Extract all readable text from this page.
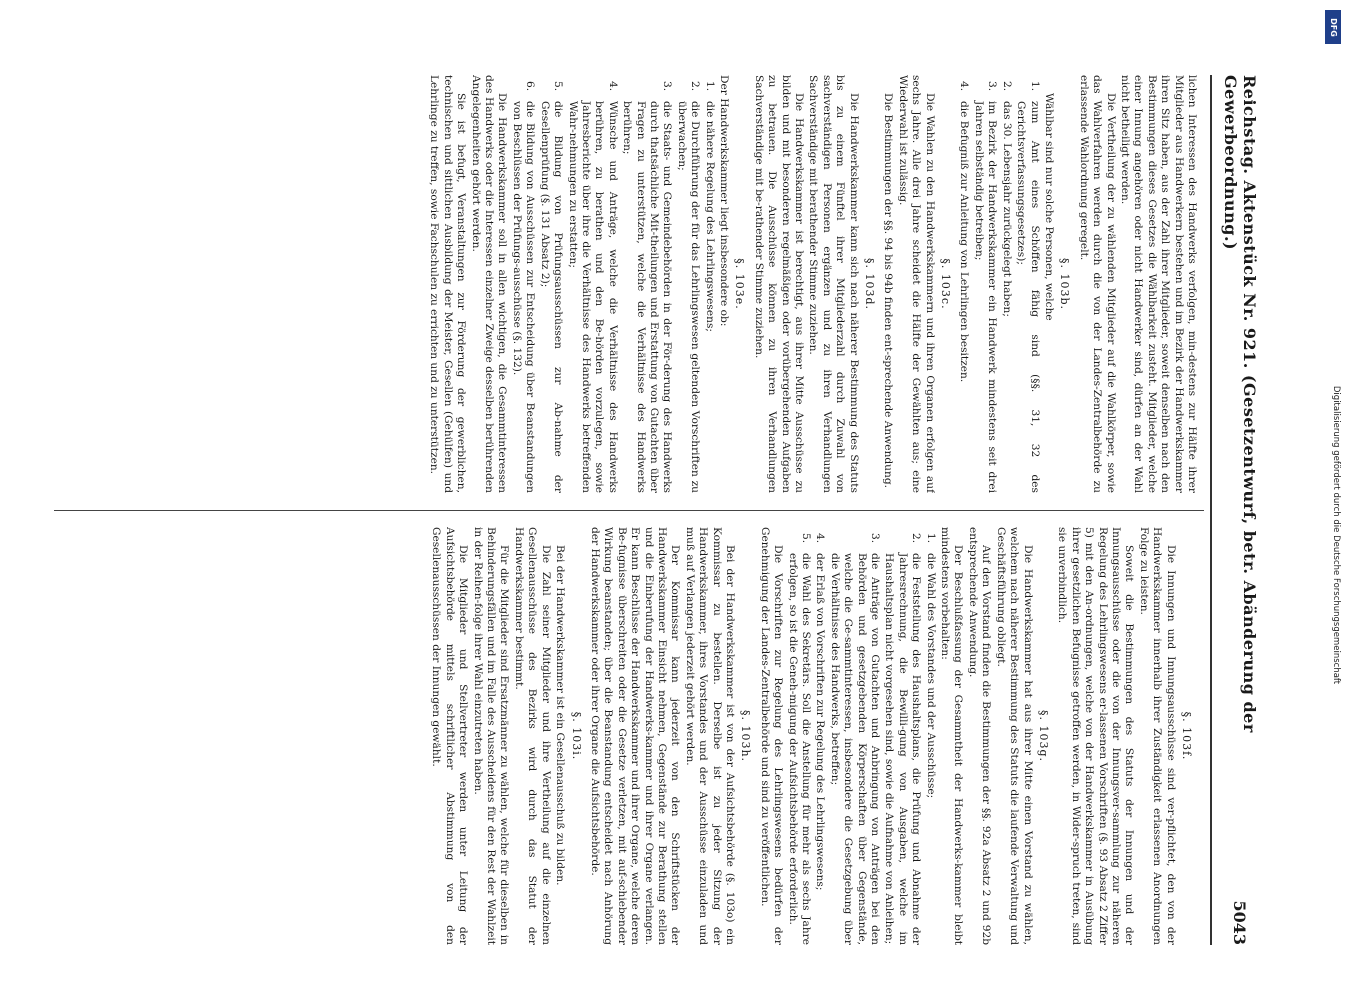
Reichstag. Aktenstück Nr. 921. (Gesetzentwurf, betr. Abänderung der Gewerbeordnung.)
5043

lichen Interessen des Handwerks verfolgen, min-destens zur Hälfte ihrer Mitglieder aus Handwerkern bestehen und im Bezirk der Handwerkskammer ihren Sitz haben, aus der Zahl ihrer Mitglieder, soweit denselben nach den Bestimmungen dieses Gesetzes die Wählbarkeit zusteht. Mitglieder, welche einer Innung angehören oder nicht Handwerker sind, dürfen an der Wahl nicht betheiligt werden.

Die Vertheilung der zu wählenden Mitglieder auf die Wahlkörper, sowie das Wahlverfahren werden durch die von der Landes-Zentralbehörde zu erlassende Wahlordnung geregelt.

§. 103b.

Wählbar sind nur solche Personen, welche

1.
zum Amt eines Schöffen fähig sind (§§. 31, 32 des Gerichtsverfassungsgesetzes);
2.
das 30. Lebensjahr zurückgelegt haben;
3.
im Bezirk der Handwerkskammer ein Handwerk mindestens seit drei Jahren selbständig betreiben;
4.
die Befugniß zur Anleitung von Lehrlingen besitzen.
§. 103c.

Die Wahlen zu den Handwerkskammern und ihren Organen erfolgen auf sechs Jahre. Alle drei Jahre scheidet die Hälfte der Gewählten aus; eine Wiederwahl ist zulässig.

Die Bestimmungen der §§. 94 bis 94b finden ent-sprechende Anwendung.

§. 103d.

Die Handwerkskammer kann sich nach näherer Bestimmung des Statuts bis zu einem Fünftel ihrer Mitgliederzahl durch Zuwahl von sachverständigen Personen ergänzen und zu ihren Verhandlungen Sachverständige mit berathender Stimme zuziehen.

Die Handwerkskammer ist berechtigt, aus ihrer Mitte Ausschüsse zu bilden und mit besonderen regelmäßigen oder vorübergehenden Aufgaben zu betrauen. Die Ausschüsse können zu ihren Verhandlungen Sachverständige mit be-rathender Stimme zuziehen.

§. 103e.

Der Handwerkskammer liegt insbesondere ob:

1.
die nähere Regelung des Lehrlingswesens;
2.
die Durchführung der für das Lehrlingswesen geltenden Vorschriften zu überwachen;
3.
die Staats- und Gemeindebehörden in der För-derung des Handwerks durch thatsächliche Mit-theilungen und Erstattung von Gutachten über Fragen zu unterstützen, welche die Verhältnisse des Handwerks berühren;
4.
Wünsche und Anträge, welche die Verhältnisse des Handwerks berühren, zu berathen und den Be-hörden vorzulegen, sowie Jahresberichte über ihre die Verhältnisse des Handwerks betreffenden Wahr-nehmungen zu erstatten;
5.
die Bildung von Prüfungsausschüssen zur Ab-nahme der Gesellenprüfung (§. 131 Absatz 2);
6.
die Bildung von Ausschüssen zur Entscheidung über Beanstandungen von Beschlüssen der Prüfungs-ausschüsse (§. 132).

Die Handwerkskammer soll in allen wichtigen, die Gesammtinteressen des Handwerks oder die Interessen einzelner Zweige desselben berührenden Angelegenheiten gehört werden.

Sie ist befugt, Veranstaltungen zur Förderung der gewerblichen, technischen und sittlichen Ausbildung der Meister, Gesellen (Gehülfen) und Lehrlinge zu treffen, sowie Fachschulen zu errichten und zu unterstützen.

§. 103f.

Die Innungen und Innungsausschüsse sind ver-pflichtet, den von der Handwerkskammer innerhalb ihrer Zuständigkeit erlassenen Anordnungen Folge zu leisten.

Soweit die Bestimmungen des Statuts der Innungen und der Innungsausschüsse oder die von der Innungsver-sammlung zur näheren Regelung des Lehrlingswesens er-lassenen Vorschriften (§. 93 Absatz 2 Ziffer 5) mit den An-ordnungen, welche von der Handwerkskammer in Ausübung ihrer gesetzlichen Befugnisse getroffen werden, in Wider-spruch treten, sind sie unverbindlich.

§. 103g.

Die Handwerkskammer hat aus ihrer Mitte einen Vorstand zu wählen, welchem nach näherer Bestimmung des Statuts die laufende Verwaltung und Geschäftsführung obliegt.

Auf den Vorstand finden die Bestimmungen der §§. 92a Absatz 2 und 92b entsprechende Anwendung.

Der Beschlußfassung der Gesammtheit der Handwerks-kammer bleibt mindestens vorbehalten:

1.
die Wahl des Vorstandes und der Ausschüsse;
2.
die Feststellung des Haushaltsplans, die Prüfung und Abnahme der Jahresrechnung, die Bewilli-gung von Ausgaben, welche im Haushaltsplan nicht vorgesehen sind, sowie die Aufnahme von Anleihen;
3.
die Anträge von Gutachten und Anbringung von Anträgen bei den Behörden und gesetzgebenden Körperschaften über Gegenstände, welche die Ge-sammtinteressen, insbesondere die Gesetzgebung über die Verhältnisse des Handwerks, betreffen;
4.
der Erlaß von Vorschriften zur Regelung des Lehrlingswesens;
5.
die Wahl des Sekretärs. Soll die Anstellung für mehr als sechs Jahre erfolgen, so ist die Geneh-migung der Aufsichtsbehörde erforderlich.

Die Vorschriften zur Regelung des Lehrlingswesens bedürfen der Genehmigung der Landes-Zentralbehörde und sind zu veröffentlichen.

§. 103h.

Bei der Handwerkskammer ist von der Aufsichtsbehörde (§. 103o) ein Kommissar zu bestellen. Derselbe ist zu jeder Sitzung der Handwerkskammer, ihres Vorstandes und der Ausschüsse einzuladen und muß auf Verlangen jederzeit gehört werden.

Der Kommissar kann jederzeit von den Schriftstücken der Handwerkskammer Einsicht nehmen, Gegenstände zur Berathung stellen und die Einberufung der Handwerks-kammer und ihrer Organe verlangen. Er kann Beschlüsse der Handwerkskammer und ihrer Organe, welche deren Be-fugnisse überschreiten oder die Gesetze verletzen, mit auf-schiebender Wirkung beanstanden; über die Beanstandung entscheidet nach Anhörung der Handwerkskammer oder ihrer Organe die Aufsichtsbehörde.

§. 103i.

Bei der Handwerkskammer ist ein Gesellenausschuß zu bilden.

Die Zahl seiner Mitglieder und ihre Vertheilung auf die einzelnen Gesellenausschüsse des Bezirks wird durch das Statut der Handwerkskammer bestimmt.

Für die Mitglieder sind Ersatzmänner zu wählen, welche für dieselben in Behinderungsfällen und im Falle des Ausscheidens für den Rest der Wahlzeit in der Reihen-folge ihrer Wahl einzutreten haben.

Die Mitglieder und Stellvertreter werden unter Leitung der Aufsichtsbehörde mittels schriftlicher Abstimmung von den Gesellenausschüssen der Innungen gewählt.

DFG
Digitalisierung gefördert durch die Deutsche Forschungsgemeinschaft
